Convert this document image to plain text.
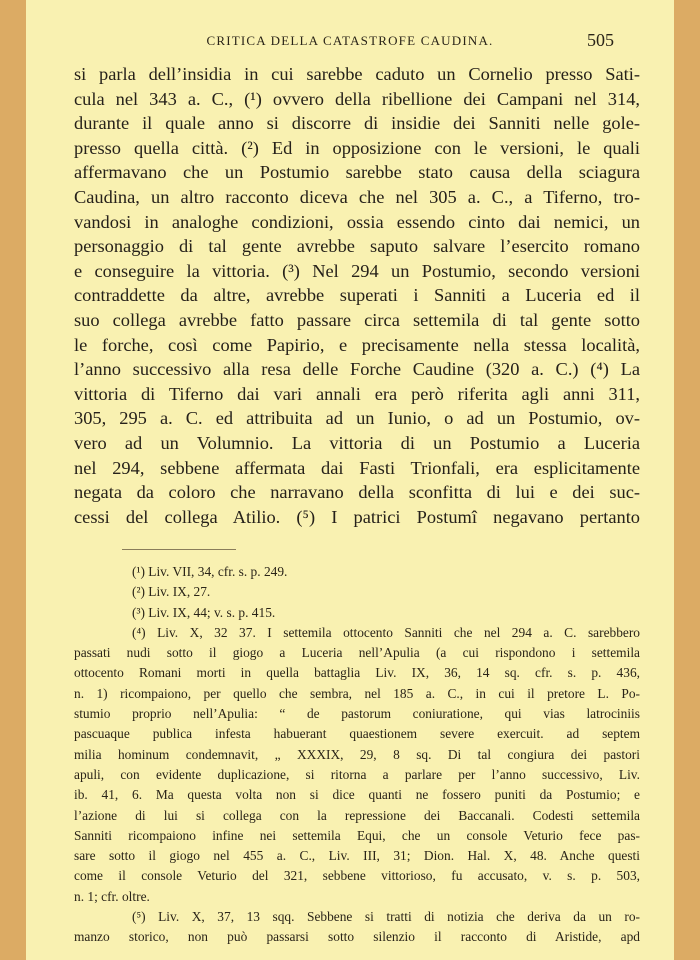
CRITICA DELLA CATASTROFE CAUDINA.	505
si parla dell’insidia in cui sarebbe caduto un Cornelio presso Sati-
cula nel 343 a. C., (¹) ovvero della ribellione dei Campani nel 314,
durante il quale anno si discorre di insidie dei Sanniti nelle gole-
presso quella città. (²) Ed in opposizione con le versioni, le quali
affermavano che un Postumio sarebbe stato causa della sciagura
Caudina, un altro racconto diceva che nel 305 a. C., a Tiferno, tro-
vandosi in analoghe condizioni, ossia essendo cinto dai nemici, un
personaggio di tal gente avrebbe saputo salvare l’esercito romano
e conseguire la vittoria. (³) Nel 294 un Postumio, secondo versioni
contraddette da altre, avrebbe superati i Sanniti a Luceria ed il
suo collega avrebbe fatto passare circa settemila di tal gente sotto
le forche, così come Papirio, e precisamente nella stessa località,
l’anno successivo alla resa delle Forche Caudine (320 a. C.) (⁴) La
vittoria di Tiferno dai vari annali era però riferita agli anni 311,
305, 295 a. C. ed attribuita ad un Iunio, o ad un Postumio, ov-
vero ad un Volumnio. La vittoria di un Postumio a Luceria
nel 294, sebbene affermata dai Fasti Trionfali, era esplicitamente
negata da coloro che narravano della sconfitta di lui e dei suc-
cessi del collega Atilio. (⁵) I patrici Postumî negavano pertanto
(¹) Liv. VII, 34, cfr. s. p. 249.
(²) Liv. IX, 27.
(³) Liv. IX, 44; v. s. p. 415.
(⁴) Liv. X, 32 37. I settemila ottocento Sanniti che nel 294 a. C. sarebbero
passati nudi sotto il giogo a Luceria nell’Apulia (a cui rispondono i settemila
ottocento Romani morti in quella battaglia Liv. IX, 36, 14 sq. cfr. s. p. 436,
n. 1) ricompaiono, per quello che sembra, nel 185 a. C., in cui il pretore L. Po-
stumio proprio nell’Apulia: “ de pastorum coniuratione, qui vias latrociniis
pascuaque publica infesta habuerant quaestionem severe exercuit. ad septem
milia hominum condemnavit, „ XXXIX, 29, 8 sq. Di tal congiura dei pastori
apuli, con evidente duplicazione, si ritorna a parlare per l’anno successivo, Liv.
ib. 41, 6. Ma questa volta non si dice quanti ne fossero puniti da Postumio; e
l’azione di lui si collega con la repressione dei Baccanali. Codesti settemila
Sanniti ricompaiono infine nei settemila Equi, che un console Veturio fece pas-
sare sotto il giogo nel 455 a. C., Liv. III, 31; Dion. Hal. X, 48. Anche questi
come il console Veturio del 321, sebbene vittorioso, fu accusato, v. s. p. 503,
n. 1; cfr. oltre.
(⁵) Liv. X, 37, 13 sqq. Sebbene si tratti di notizia che deriva da un ro-
manzo storico, non può passarsi sotto silenzio il racconto di Aristide, apd
